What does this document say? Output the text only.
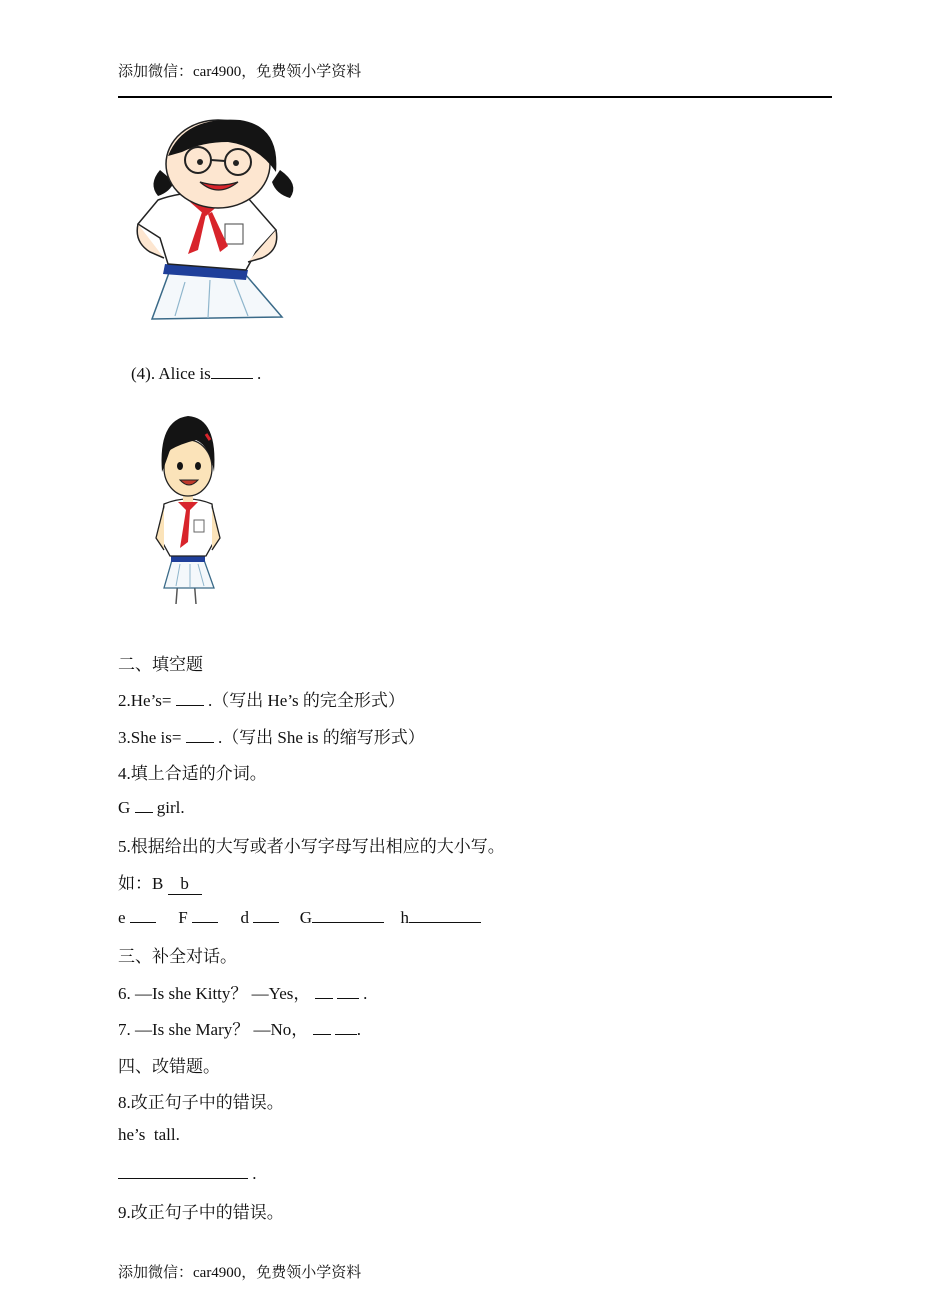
添加微信：car4900，免费领小学资料
(4). Alice is .
二、填空题
2.He’s=  .（写出 He’s 的完全形式）
3.She is=  .（写出 She is 的缩写形式）
4.填上合适的介词。
G  girl.
5.根据给出的大写或者小写字母写出相应的大小写。
如：B b
e	F	d	G	h
三、补全对话。
6. —Is she Kitty？ —Yes，	.
7. —Is she Mary？ —No，	.
四、改错题。
8.改正句子中的错误。
he’s  tall.
.
9.改正句子中的错误。
添加微信：car4900，免费领小学资料
